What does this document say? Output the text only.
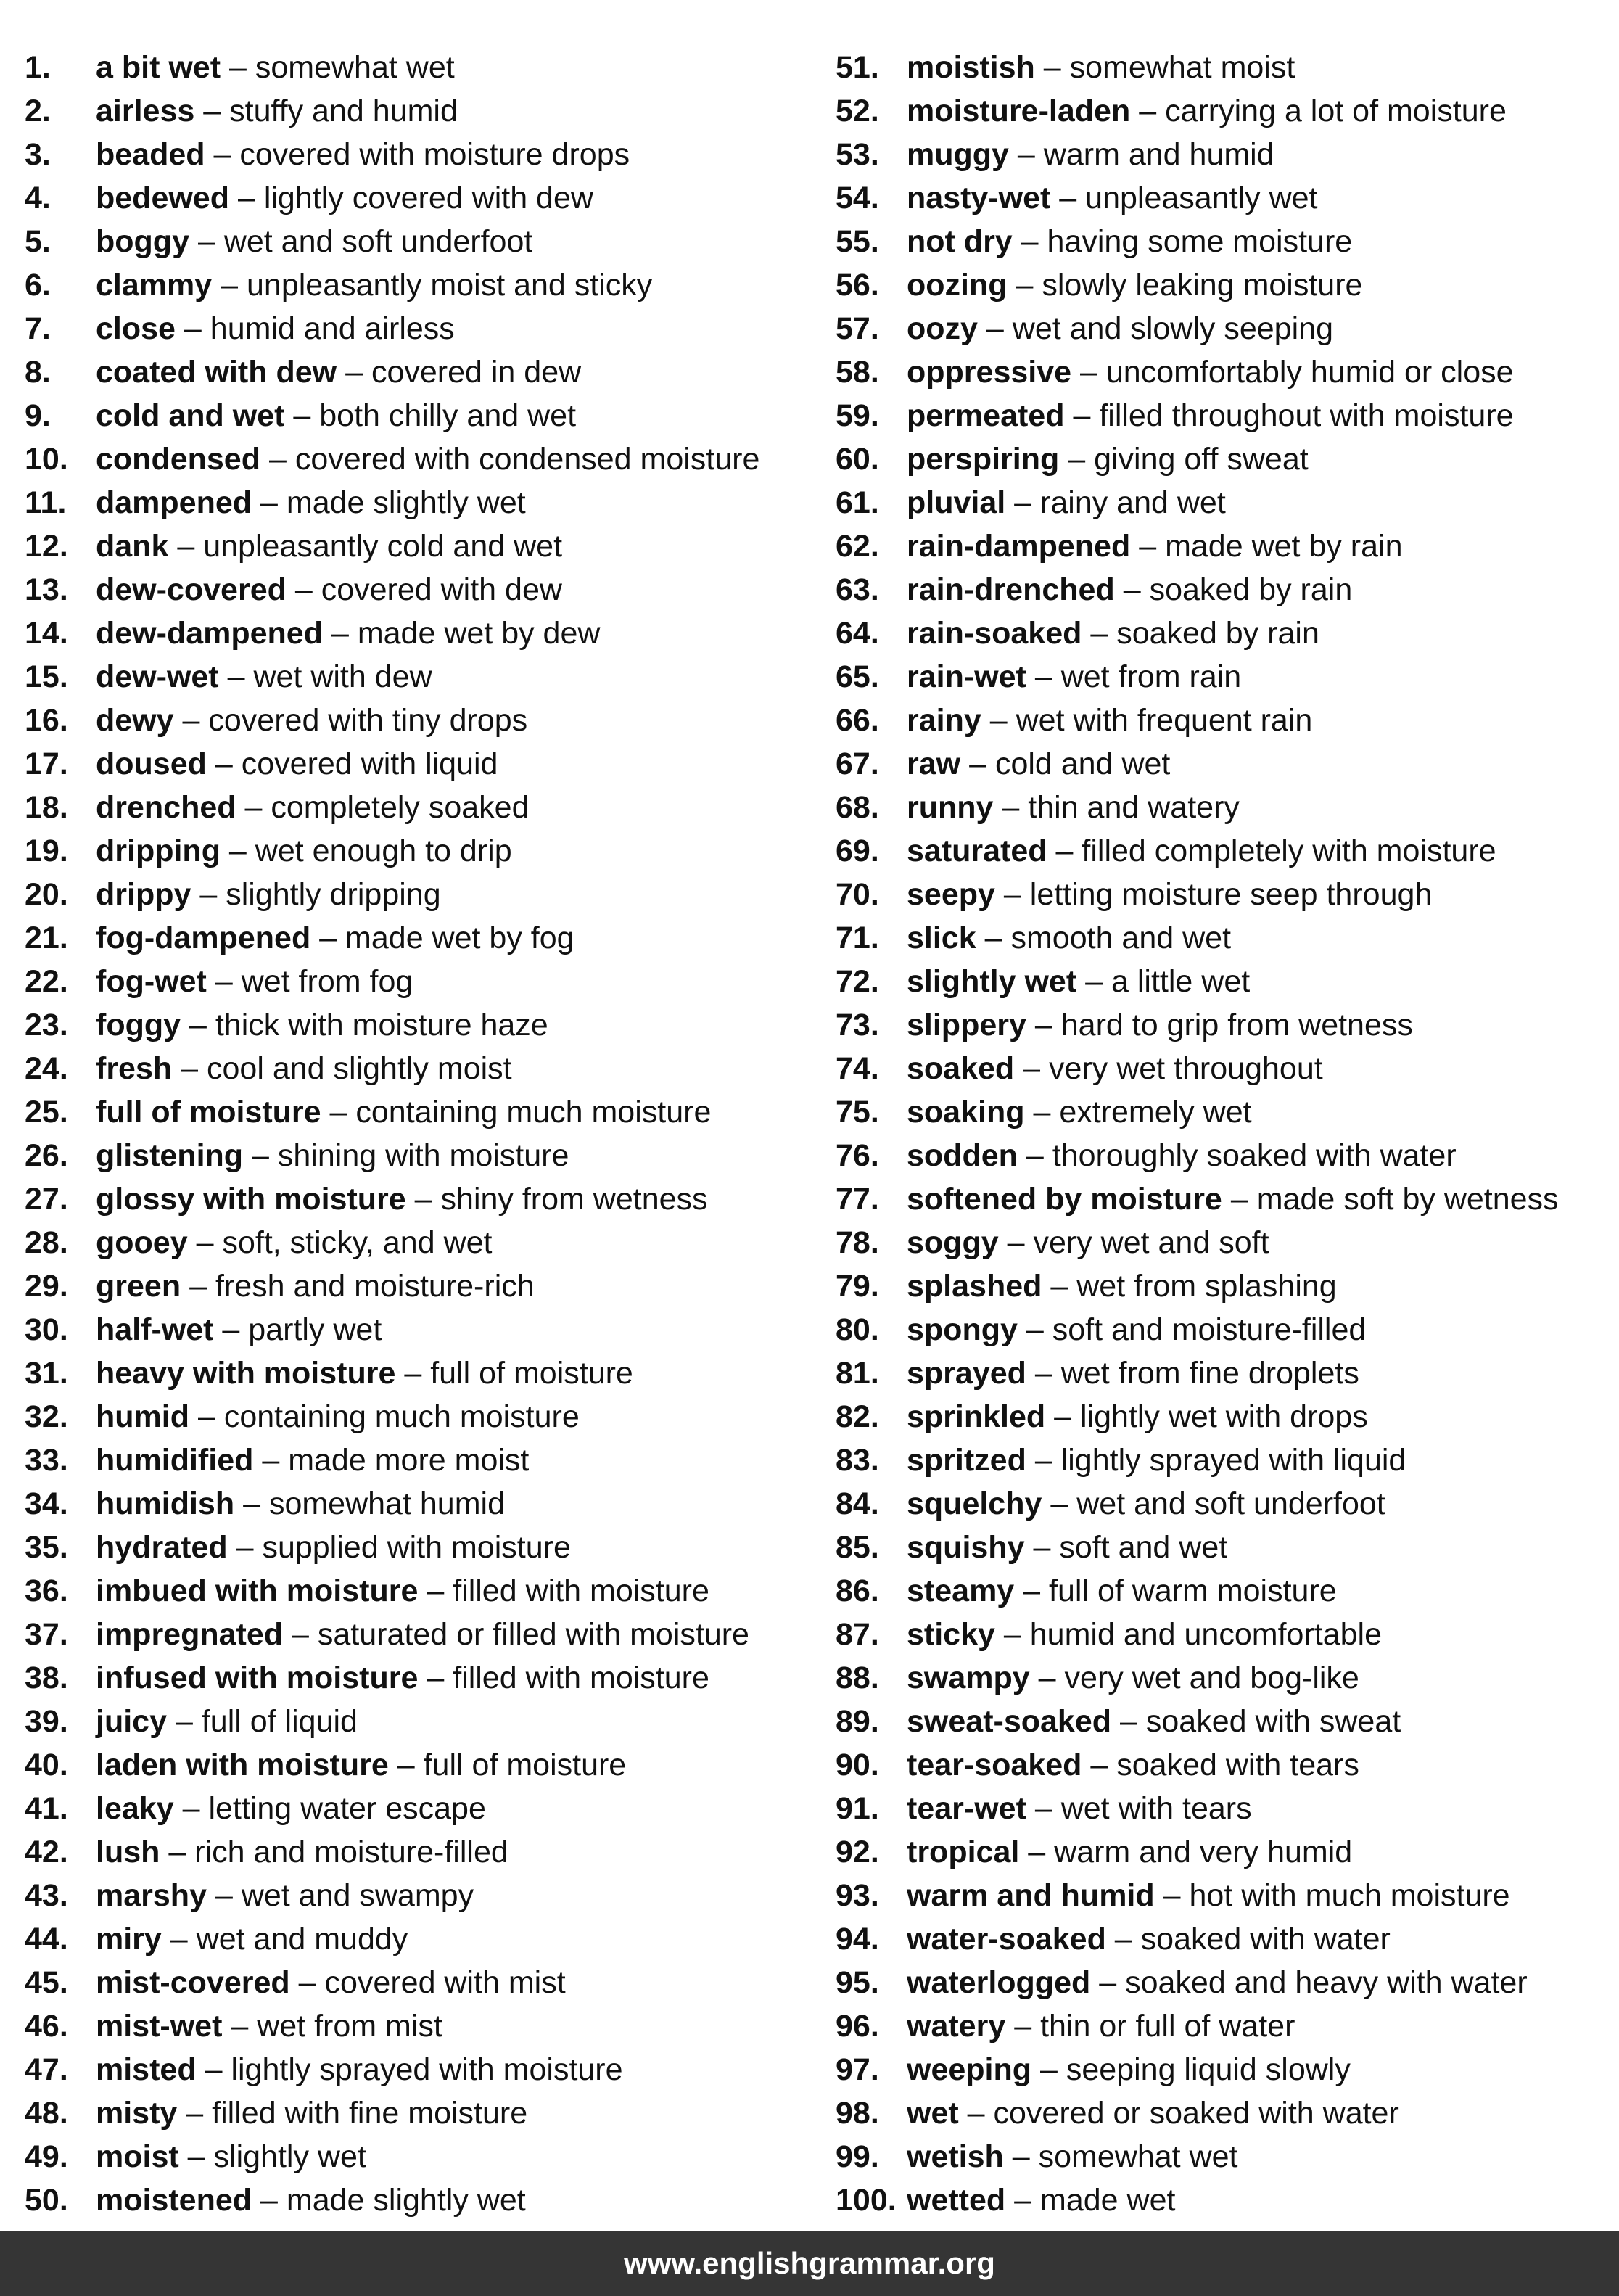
1. a bit wet – somewhat wet
2. airless – stuffy and humid
3. beaded – covered with moisture drops
4. bedewed – lightly covered with dew
5. boggy – wet and soft underfoot
6. clammy – unpleasantly moist and sticky
7. close – humid and airless
8. coated with dew – covered in dew
9. cold and wet – both chilly and wet
10. condensed – covered with condensed moisture
11. dampened – made slightly wet
12. dank – unpleasantly cold and wet
13. dew-covered – covered with dew
14. dew-dampened – made wet by dew
15. dew-wet – wet with dew
16. dewy – covered with tiny drops
17. doused – covered with liquid
18. drenched – completely soaked
19. dripping – wet enough to drip
20. drippy – slightly dripping
21. fog-dampened – made wet by fog
22. fog-wet – wet from fog
23. foggy – thick with moisture haze
24. fresh – cool and slightly moist
25. full of moisture – containing much moisture
26. glistening – shining with moisture
27. glossy with moisture – shiny from wetness
28. gooey – soft, sticky, and wet
29. green – fresh and moisture-rich
30. half-wet – partly wet
31. heavy with moisture – full of moisture
32. humid – containing much moisture
33. humidified – made more moist
34. humidish – somewhat humid
35. hydrated – supplied with moisture
36. imbued with moisture – filled with moisture
37. impregnated – saturated or filled with moisture
38. infused with moisture – filled with moisture
39. juicy – full of liquid
40. laden with moisture – full of moisture
41. leaky – letting water escape
42. lush – rich and moisture-filled
43. marshy – wet and swampy
44. miry – wet and muddy
45. mist-covered – covered with mist
46. mist-wet – wet from mist
47. misted – lightly sprayed with moisture
48. misty – filled with fine moisture
49. moist – slightly wet
50. moistened – made slightly wet
51. moistish – somewhat moist
52. moisture-laden – carrying a lot of moisture
53. muggy – warm and humid
54. nasty-wet – unpleasantly wet
55. not dry – having some moisture
56. oozing – slowly leaking moisture
57. oozy – wet and slowly seeping
58. oppressive – uncomfortably humid or close
59. permeated – filled throughout with moisture
60. perspiring – giving off sweat
61. pluvial – rainy and wet
62. rain-dampened – made wet by rain
63. rain-drenched – soaked by rain
64. rain-soaked – soaked by rain
65. rain-wet – wet from rain
66. rainy – wet with frequent rain
67. raw – cold and wet
68. runny – thin and watery
69. saturated – filled completely with moisture
70. seepy – letting moisture seep through
71. slick – smooth and wet
72. slightly wet – a little wet
73. slippery – hard to grip from wetness
74. soaked – very wet throughout
75. soaking – extremely wet
76. sodden – thoroughly soaked with water
77. softened by moisture – made soft by wetness
78. soggy – very wet and soft
79. splashed – wet from splashing
80. spongy – soft and moisture-filled
81. sprayed – wet from fine droplets
82. sprinkled – lightly wet with drops
83. spritzed – lightly sprayed with liquid
84. squelchy – wet and soft underfoot
85. squishy – soft and wet
86. steamy – full of warm moisture
87. sticky – humid and uncomfortable
88. swampy – very wet and bog-like
89. sweat-soaked – soaked with sweat
90. tear-soaked – soaked with tears
91. tear-wet – wet with tears
92. tropical – warm and very humid
93. warm and humid – hot with much moisture
94. water-soaked – soaked with water
95. waterlogged – soaked and heavy with water
96. watery – thin or full of water
97. weeping – seeping liquid slowly
98. wet – covered or soaked with water
99. wetish – somewhat wet
100. wetted – made wet
www.englishgrammar.org
